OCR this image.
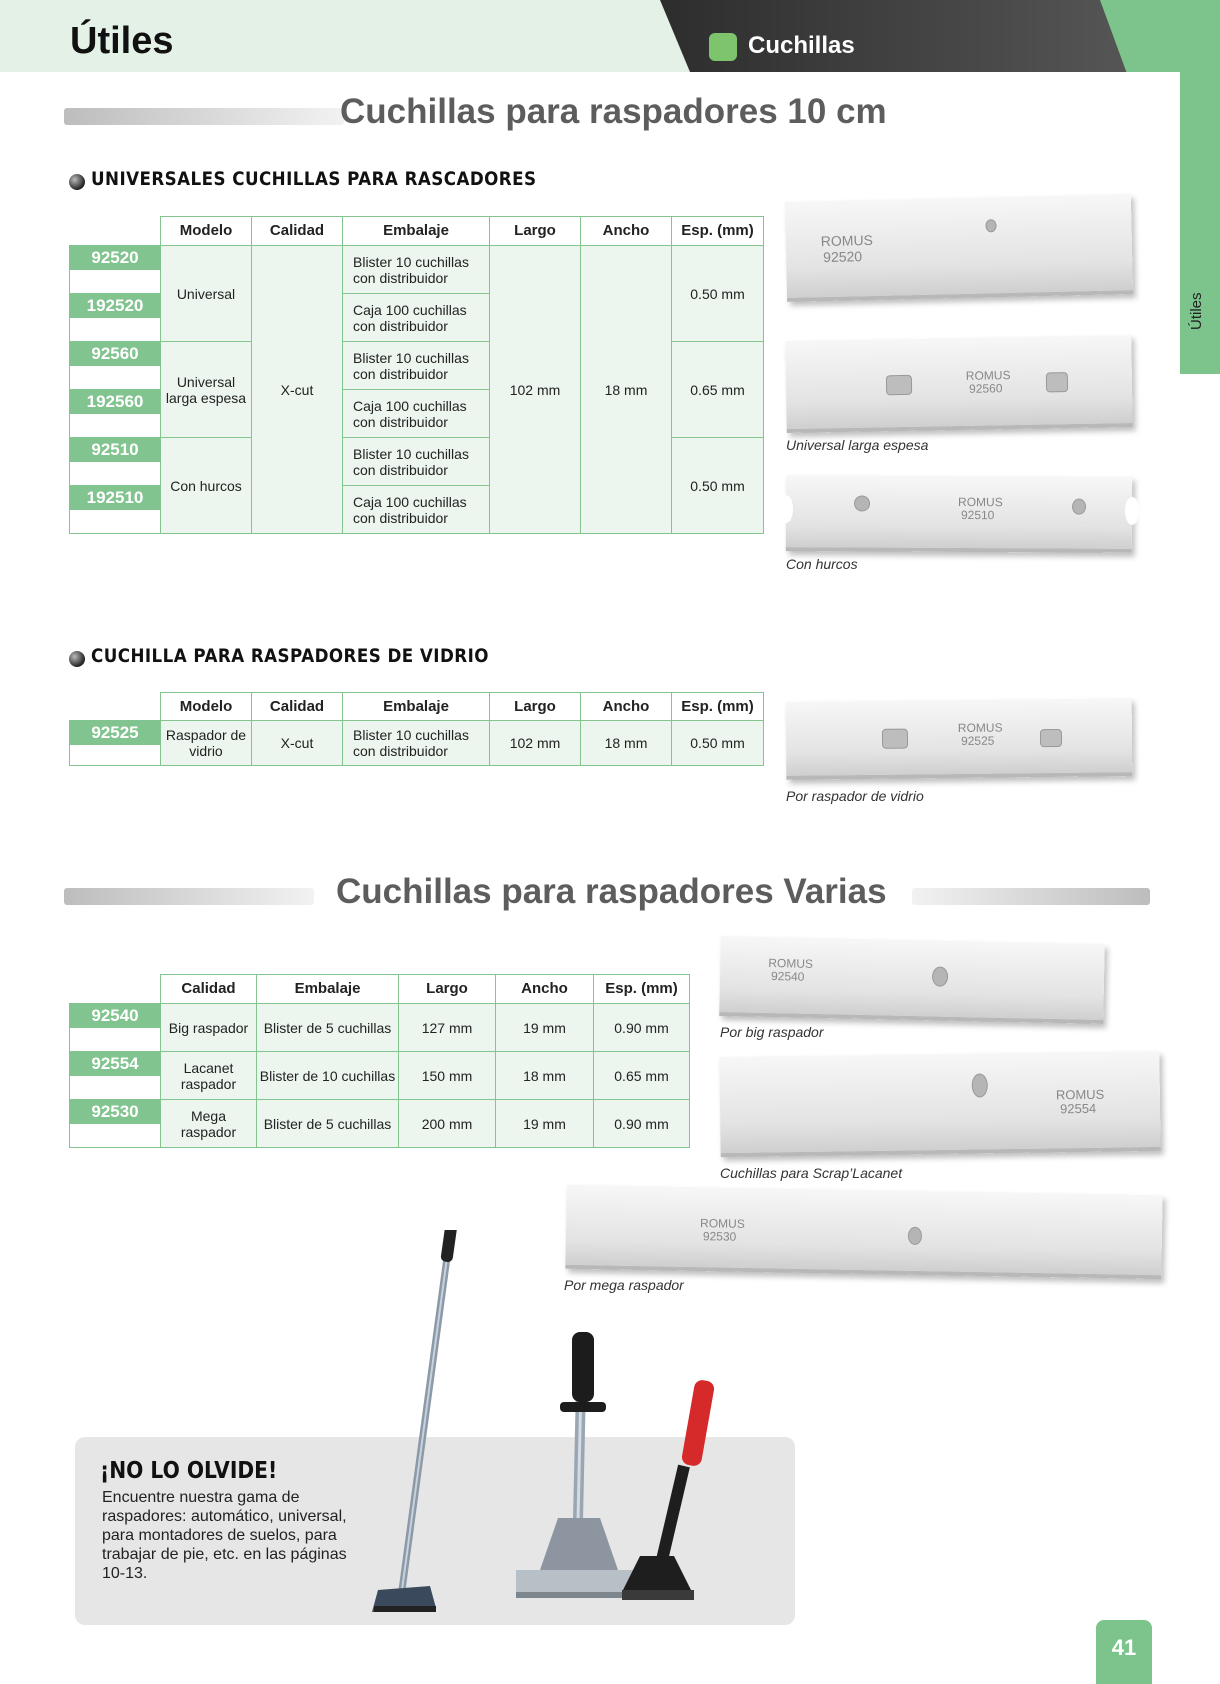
Útiles	Cuchillas
Útiles
Cuchillas para raspadores 10 cm
UNIVERSALES CUCHILLAS PARA RASCADORES
	Modelo	Calidad	Embalaje	Largo	Ancho	Esp. (mm)
92520	Universal	X-cut	Blister 10 cuchillas con distribuidor	102 mm	18 mm	0.50 mm

192520			Caja 100 cuchillas con distribuidor			

92560	Universal larga espesa		Blister 10 cuchillas con distribuidor			0.65 mm

192560			Caja 100 cuchillas con distribuidor			

92510	Con hurcos		Blister 10 cuchillas con distribuidor			0.50 mm

192510			Caja 100 cuchillas con distribuidor			

ROMUS
92520
ROMUS
92560
Universal larga espesa
ROMUS
92510
Con hurcos
CUCHILLA PARA RASPADORES DE VIDRIO
	Modelo	Calidad	Embalaje	Largo	Ancho	Esp. (mm)
92525	Raspador de vidrio	X-cut	Blister 10 cuchillas con distribuidor	102 mm	18 mm	0.50 mm

ROMUS
92525
Por raspador de vidrio
Cuchillas para raspadores Varias
	Calidad	Embalaje	Largo	Ancho	Esp. (mm)
92540	Big raspador	Blister de 5 cuchillas	127 mm	19 mm	0.90 mm

92554	Lacanet raspador	Blister de 10 cuchillas	150 mm	18 mm	0.65 mm

92530	Mega raspador	Blister de 5 cuchillas	200 mm	19 mm	0.90 mm

ROMUS
92540
Por big raspador
ROMUS
92554
Cuchillas para Scrap’Lacanet
ROMUS
92530
Por mega raspador
¡NO LO OLVIDE!
Encuentre nuestra gama de raspadores: automático, universal, para montadores de suelos, para trabajar de pie, etc. en las páginas 10-13.
41
